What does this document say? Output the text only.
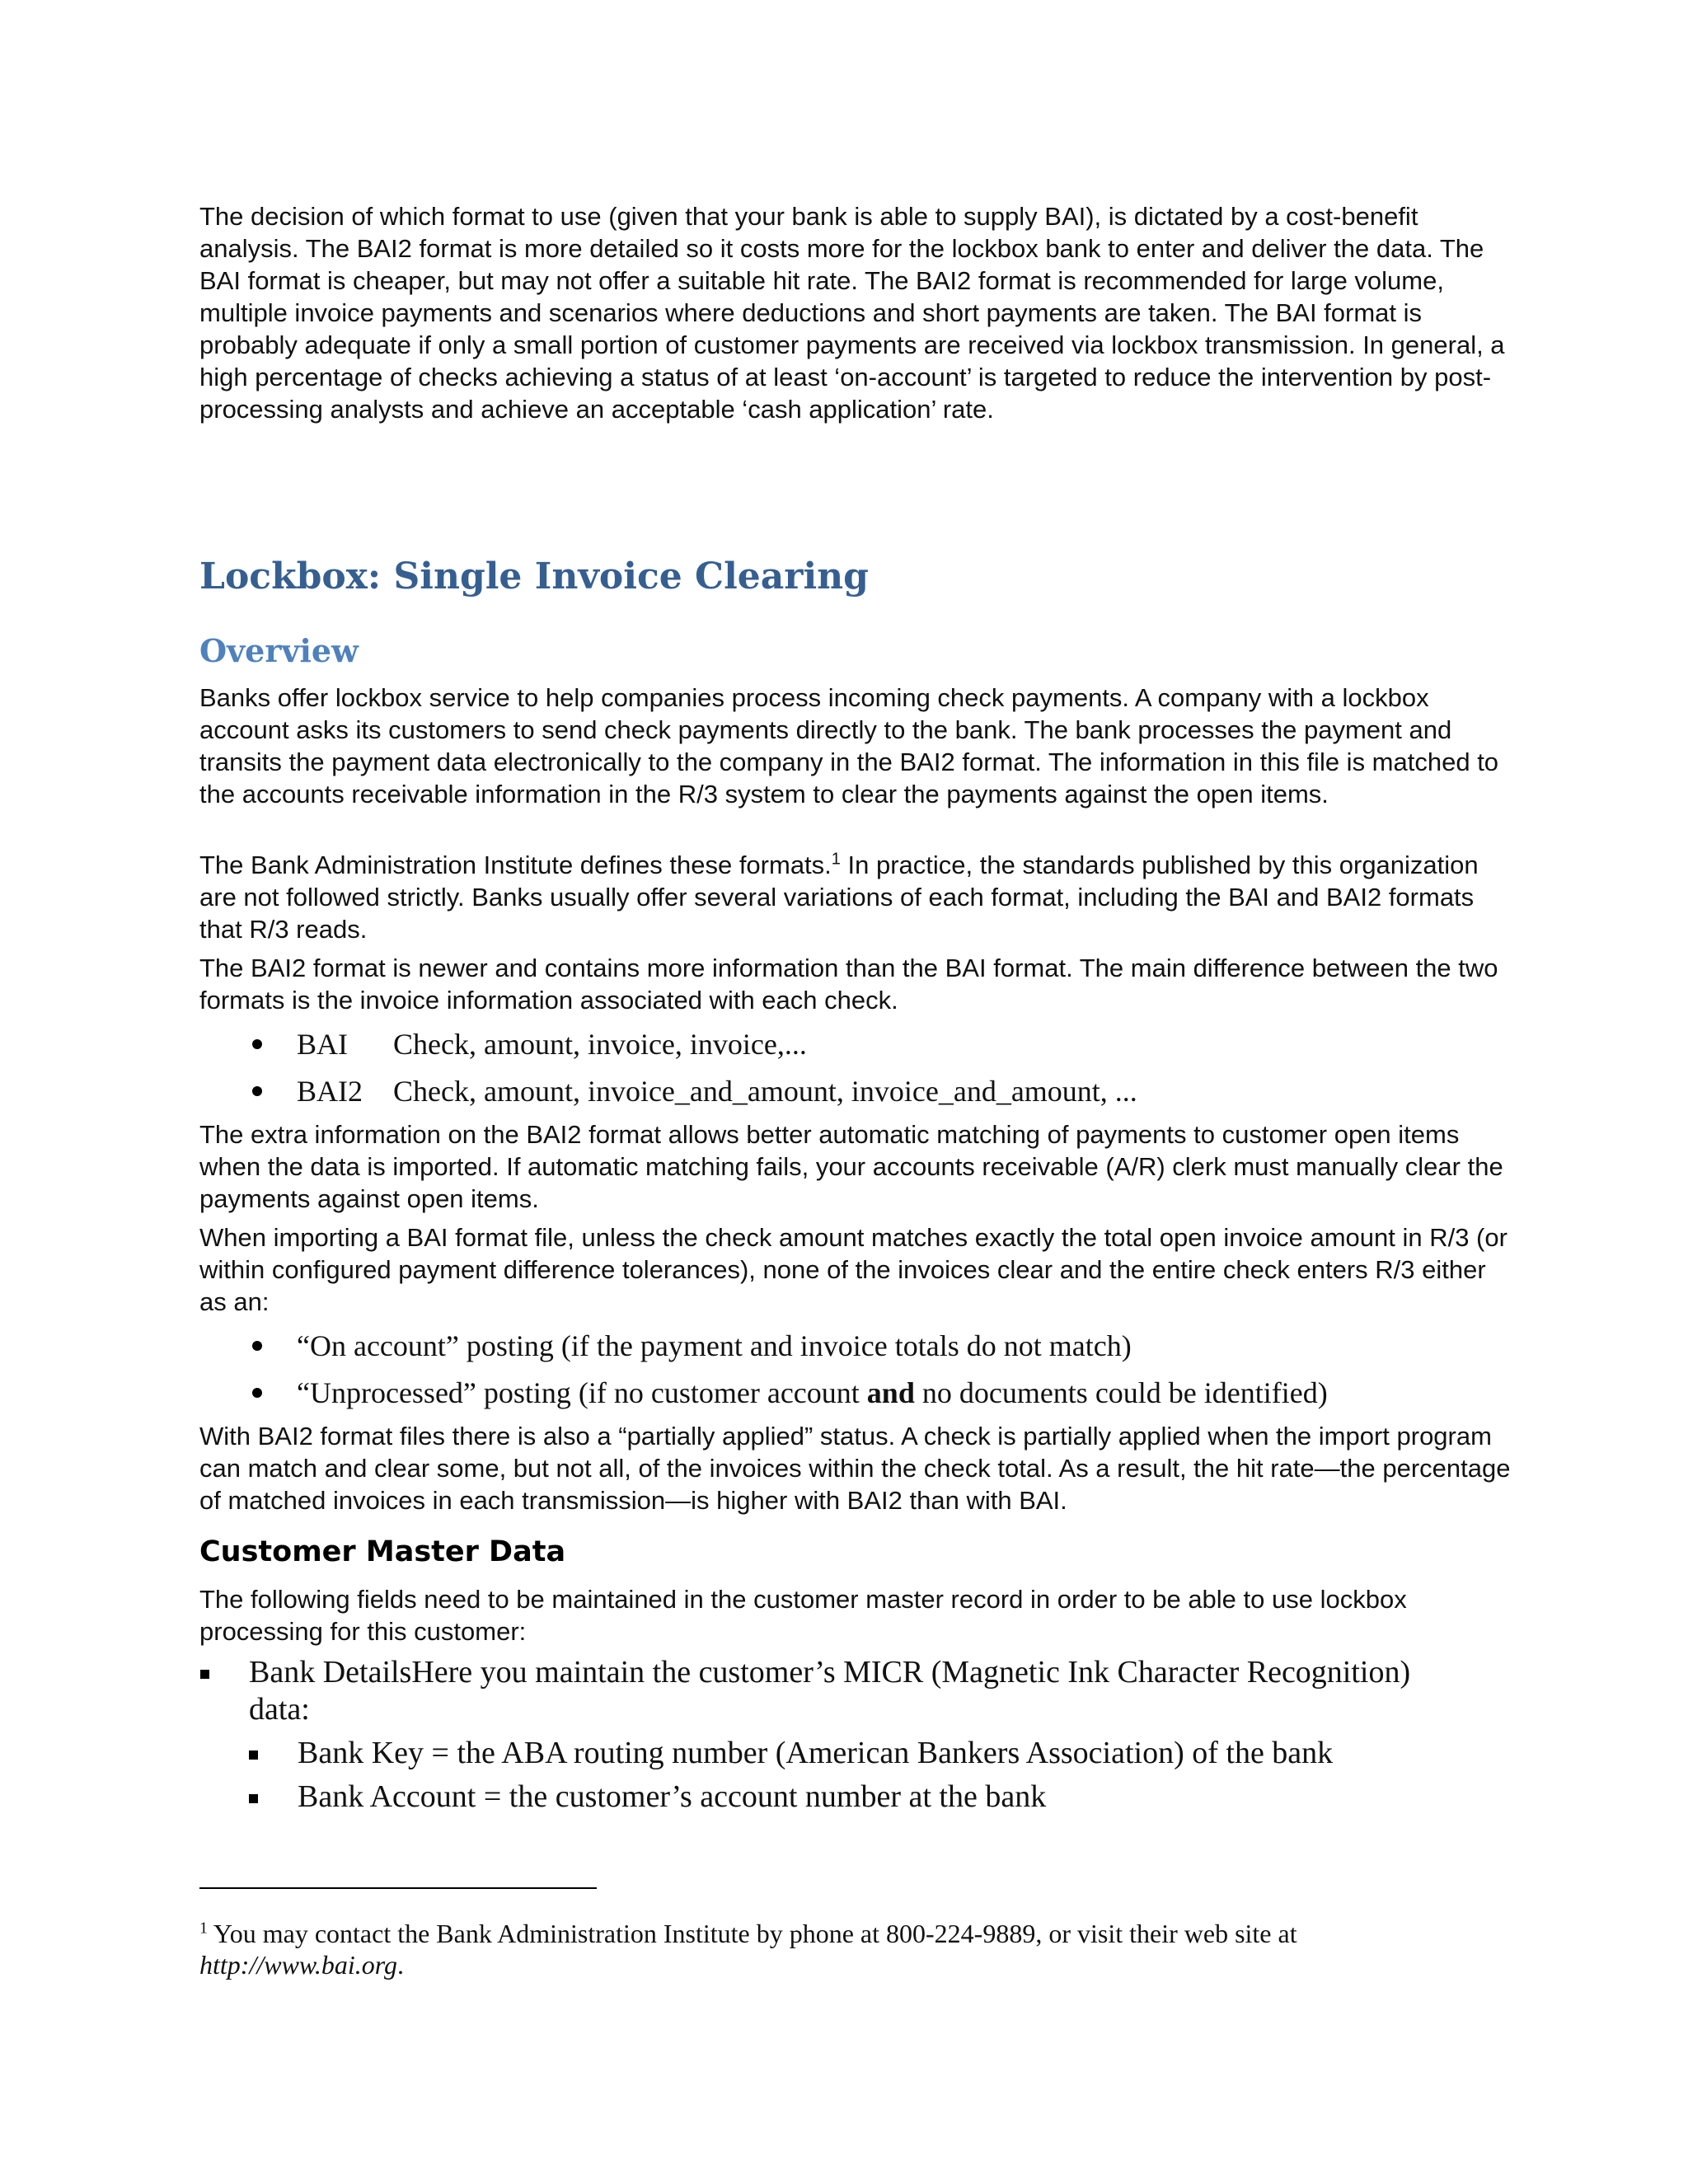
The decision of which format to use (given that your bank is able to supply BAI), is dictated by a cost-benefit analysis. The BAI2 format is more detailed so it costs more for the lockbox bank to enter and deliver the data. The BAI format is cheaper, but may not offer a suitable hit rate. The BAI2 format is recommended for large volume, multiple invoice payments and scenarios where deductions and short payments are taken. The BAI format is probably adequate if only a small portion of customer payments are received via lockbox transmission. In general, a high percentage of checks achieving a status of at least ‘on-account’ is targeted to reduce the intervention by post-processing analysts and achieve an acceptable ‘cash application’ rate.

Lockbox: Single Invoice Clearing
Overview

Banks offer lockbox service to help companies process incoming check payments. A company with a lockbox account asks its customers to send check payments directly to the bank. The bank processes the payment and transits the payment data electronically to the company in the BAI2 format. The information in this file is matched to the accounts receivable information in the R/3 system to clear the payments against the open items.

The Bank Administration Institute defines these formats.$^1$ In practice, the standards published by this organization are not followed strictly. Banks usually offer several variations of each format, including the BAI and BAI2 formats that R/3 reads.

The BAI2 format is newer and contains more information than the BAI format. The main difference between the two formats is the invoice information associated with each check.

BAI Check, amount, invoice, invoice,...
BAI2 Check, amount, invoice_and_amount, invoice_and_amount, ...

The extra information on the BAI2 format allows better automatic matching of payments to customer open items when the data is imported. If automatic matching fails, your accounts receivable (A/R) clerk must manually clear the payments against open items.

When importing a BAI format file, unless the check amount matches exactly the total open invoice amount in R/3 (or within configured payment difference tolerances), none of the invoices clear and the entire check enters R/3 either as an:

“On account” posting (if the payment and invoice totals do not match)
“Unprocessed” posting (if no customer account and no documents could be identified)

With BAI2 format files there is also a “partially applied” status. A check is partially applied when the import program can match and clear some, but not all, of the invoices within the check total. As a result, the hit rate—the percentage of matched invoices in each transmission—is higher with BAI2 than with BAI.

Customer Master Data

The following fields need to be maintained in the customer master record in order to be able to use lockbox processing for this customer:

Bank DetailsHere you maintain the customer’s MICR (Magnetic Ink Character Recognition)
data:
Bank Key = the ABA routing number (American Bankers Association) of the bank
Bank Account = the customer’s account number at the bank

$^1$ You may contact the Bank Administration Institute by phone at 800-224-9889, or visit their web site at
http://www.bai.org.
